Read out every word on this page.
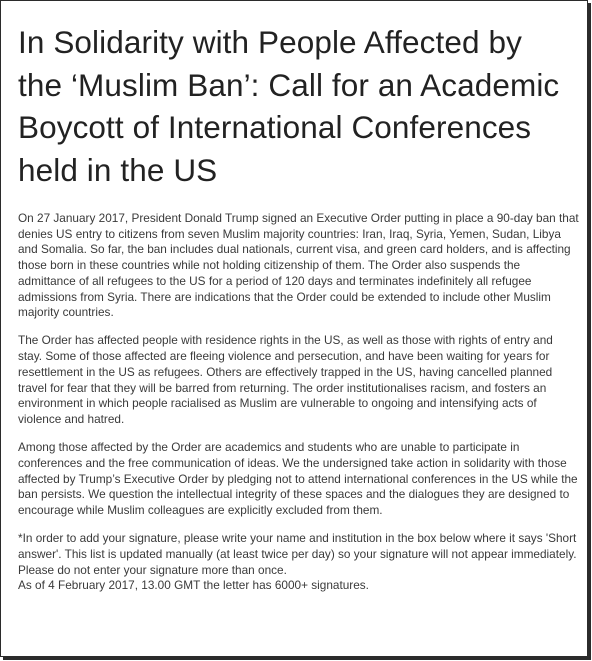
In Solidarity with People Affected by the ‘Muslim Ban’: Call for an Academic Boycott of International Conferences held in the US

On 27 January 2017, President Donald Trump signed an Executive Order putting in place a 90-day ban that denies US entry to citizens from seven Muslim majority countries: Iran, Iraq, Syria, Yemen, Sudan, Libya and Somalia. So far, the ban includes dual nationals, current visa, and green card holders, and is affecting those born in these countries while not holding citizenship of them. The Order also suspends the admittance of all refugees to the US for a period of 120 days and terminates indefinitely all refugee admissions from Syria. There are indications that the Order could be extended to include other Muslim majority countries.

The Order has affected people with residence rights in the US, as well as those with rights of entry and stay. Some of those affected are fleeing violence and persecution, and have been waiting for years for resettlement in the US as refugees. Others are effectively trapped in the US, having cancelled planned travel for fear that they will be barred from returning. The order institutionalises racism, and fosters an environment in which people racialised as Muslim are vulnerable to ongoing and intensifying acts of violence and hatred.

Among those affected by the Order are academics and students who are unable to participate in conferences and the free communication of ideas. We the undersigned take action in solidarity with those affected by Trump’s Executive Order by pledging not to attend international conferences in the US while the ban persists. We question the intellectual integrity of these spaces and the dialogues they are designed to encourage while Muslim colleagues are explicitly excluded from them.

*In order to add your signature, please write your name and institution in the box below where it says 'Short answer'. This list is updated manually (at least twice per day) so your signature will not appear immediately. Please do not enter your signature more than once.
As of 4 February 2017, 13.00 GMT the letter has 6000+ signatures.
